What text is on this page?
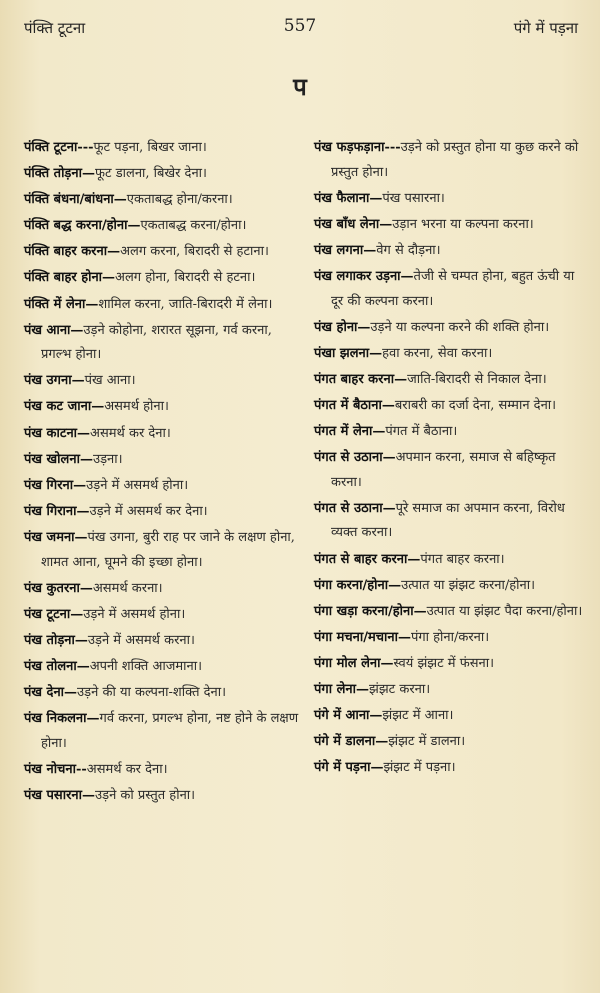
पंक्ति टूटना	557	पंगे में पड़ना
प
पंक्ति टूटना---फूट पड़ना, बिखर जाना।
पंक्ति तोड़ना—फूट डालना, बिखेर देना।
पंक्ति बंधना/बांधना—एकताबद्ध होना/करना।
पंक्ति बद्ध करना/होना—एकताबद्ध करना/होना।
पंक्ति बाहर करना—अलग करना, बिरादरी से हटाना।
पंक्ति बाहर होना—अलग होना, बिरादरी से हटना।
पंक्ति में लेना—शामिल करना, जाति-बिरादरी में लेना।
पंख आना—उड़ने कोहोना, शरारत सूझना, गर्व करना, प्रगल्भ होना।
पंख उगना—पंख आना।
पंख कट जाना—असमर्थ होना।
पंख काटना—असमर्थ कर देना।
पंख खोलना—उड़ना।
पंख गिरना—उड़ने में असमर्थ होना।
पंख गिराना—उड़ने में असमर्थ कर देना।
पंख जमना—पंख उगना, बुरी राह पर जाने के लक्षण होना, शामत आना, घूमने की इच्छा होना।
पंख कुतरना—असमर्थ करना।
पंख टूटना—उड़ने में असमर्थ होना।
पंख तोड़ना—उड़ने में असमर्थ करना।
पंख तोलना—अपनी शक्ति आजमाना।
पंख देना—उड़ने की या कल्पना-शक्ति देना।
पंख निकलना—गर्व करना, प्रगल्भ होना, नष्ट होने के लक्षण होना।
पंख नोचना--असमर्थ कर देना।
पंख पसारना—उड़ने को प्रस्तुत होना।
पंख फड़फड़ाना---उड़ने को प्रस्तुत होना या कुछ करने को प्रस्तुत होना।
पंख फैलाना—पंख पसारना।
पंख बाँध लेना—उड़ान भरना या कल्पना करना।
पंख लगना—वेग से दौड़ना।
पंख लगाकर उड़ना—तेजी से चम्पत होना, बहुत ऊंची या दूर की कल्पना करना।
पंख होना—उड़ने या कल्पना करने की शक्ति होना।
पंखा झलना—हवा करना, सेवा करना।
पंगत बाहर करना—जाति-बिरादरी से निकाल देना।
पंगत में बैठाना—बराबरी का दर्जा देना, सम्मान देना।
पंगत में लेना—पंगत में बैठाना।
पंगत से उठाना—अपमान करना, समाज से बहिष्कृत करना।
पंगत से उठाना—पूरे समाज का अपमान करना, विरोध व्यक्त करना।
पंगत से बाहर करना—पंगत बाहर करना।
पंगा करना/होना—उत्पात या झंझट करना/होना।
पंगा खड़ा करना/होना—उत्पात या झंझट पैदा करना/होना।
पंगा मचना/मचाना—पंगा होना/करना।
पंगा मोल लेना—स्वयं झंझट में फंसना।
पंगा लेना—झंझट करना।
पंगे में आना—झंझट में आना।
पंगे में डालना—झंझट में डालना।
पंगे में पड़ना—झंझट में पड़ना।
